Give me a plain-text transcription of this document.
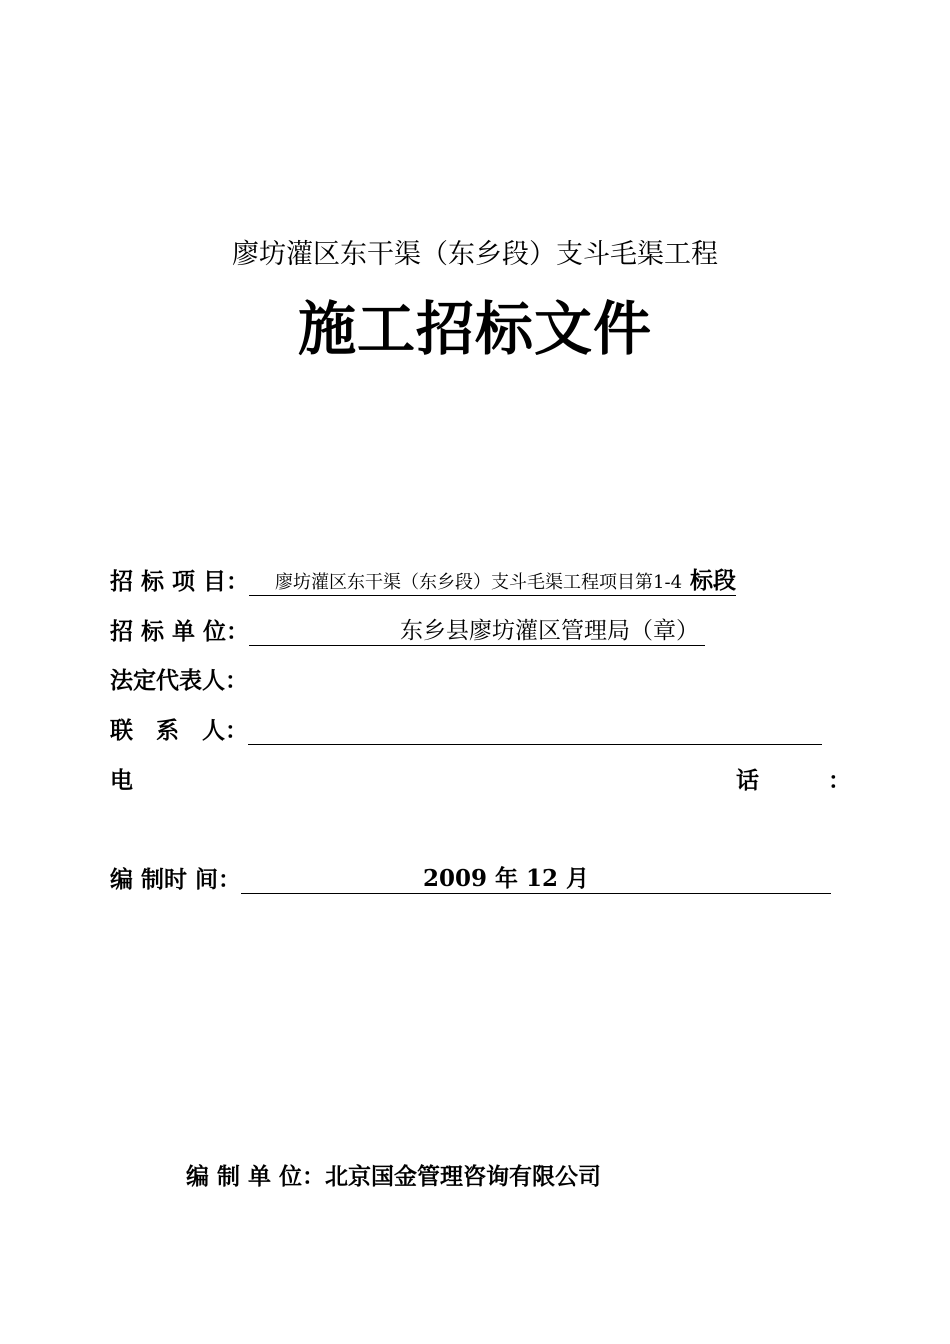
廖坊灌区东干渠（东乡段）支斗毛渠工程
施工招标文件
招 标 项 目：	廖坊灌区东干渠（东乡段）支斗毛渠工程项目第1-4 标段
招 标 单 位：	东乡县廖坊灌区管理局（章）
法定代表人：
联　系　人：
电	话	：
编 制时 间：	2009 年 12 月
编 制 单 位：北京国金管理咨询有限公司
